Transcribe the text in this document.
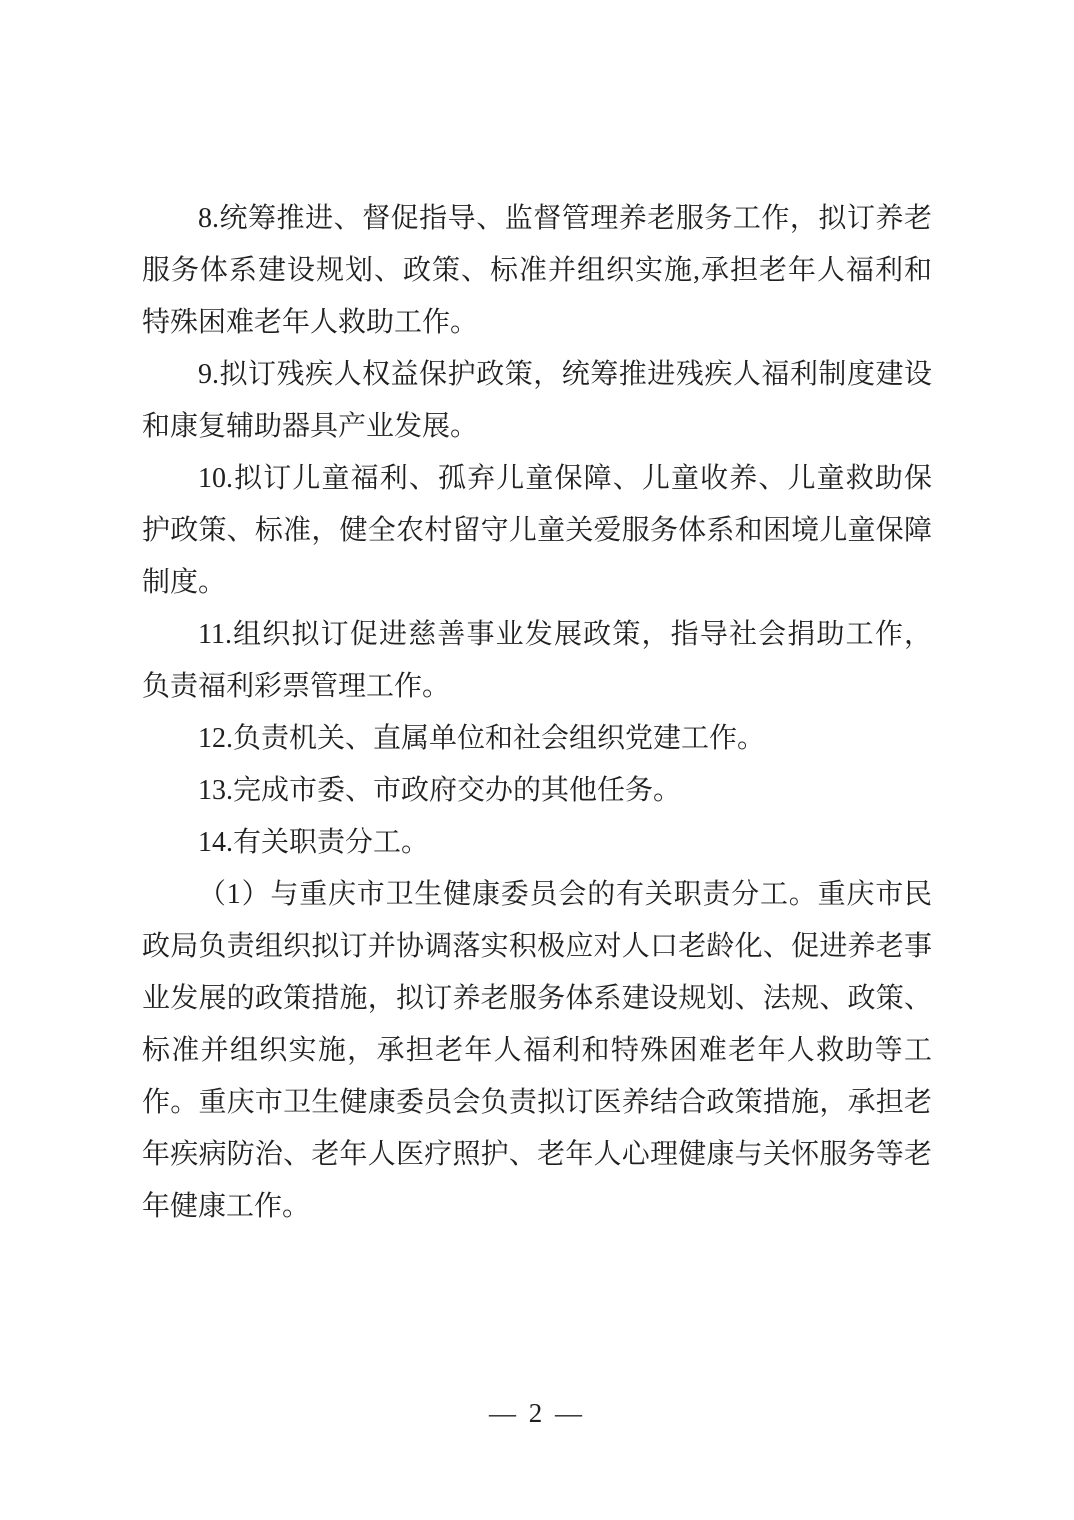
8.统筹推进、督促指导、监督管理养老服务工作，拟订养老
服务体系建设规划、政策、标准并组织实施,承担老年人福利和
特殊困难老年人救助工作。
9.拟订残疾人权益保护政策，统筹推进残疾人福利制度建设
和康复辅助器具产业发展。
10.拟订儿童福利、孤弃儿童保障、儿童收养、儿童救助保
护政策、标准，健全农村留守儿童关爱服务体系和困境儿童保障
制度。
11.组织拟订促进慈善事业发展政策，指导社会捐助工作，
负责福利彩票管理工作。
12.负责机关、直属单位和社会组织党建工作。
13.完成市委、市政府交办的其他任务。
14.有关职责分工。
（1）与重庆市卫生健康委员会的有关职责分工。重庆市民
政局负责组织拟订并协调落实积极应对人口老龄化、促进养老事
业发展的政策措施，拟订养老服务体系建设规划、法规、政策、
标准并组织实施，承担老年人福利和特殊困难老年人救助等工
作。重庆市卫生健康委员会负责拟订医养结合政策措施，承担老
年疾病防治、老年人医疗照护、老年人心理健康与关怀服务等老
年健康工作。
— 2 —
